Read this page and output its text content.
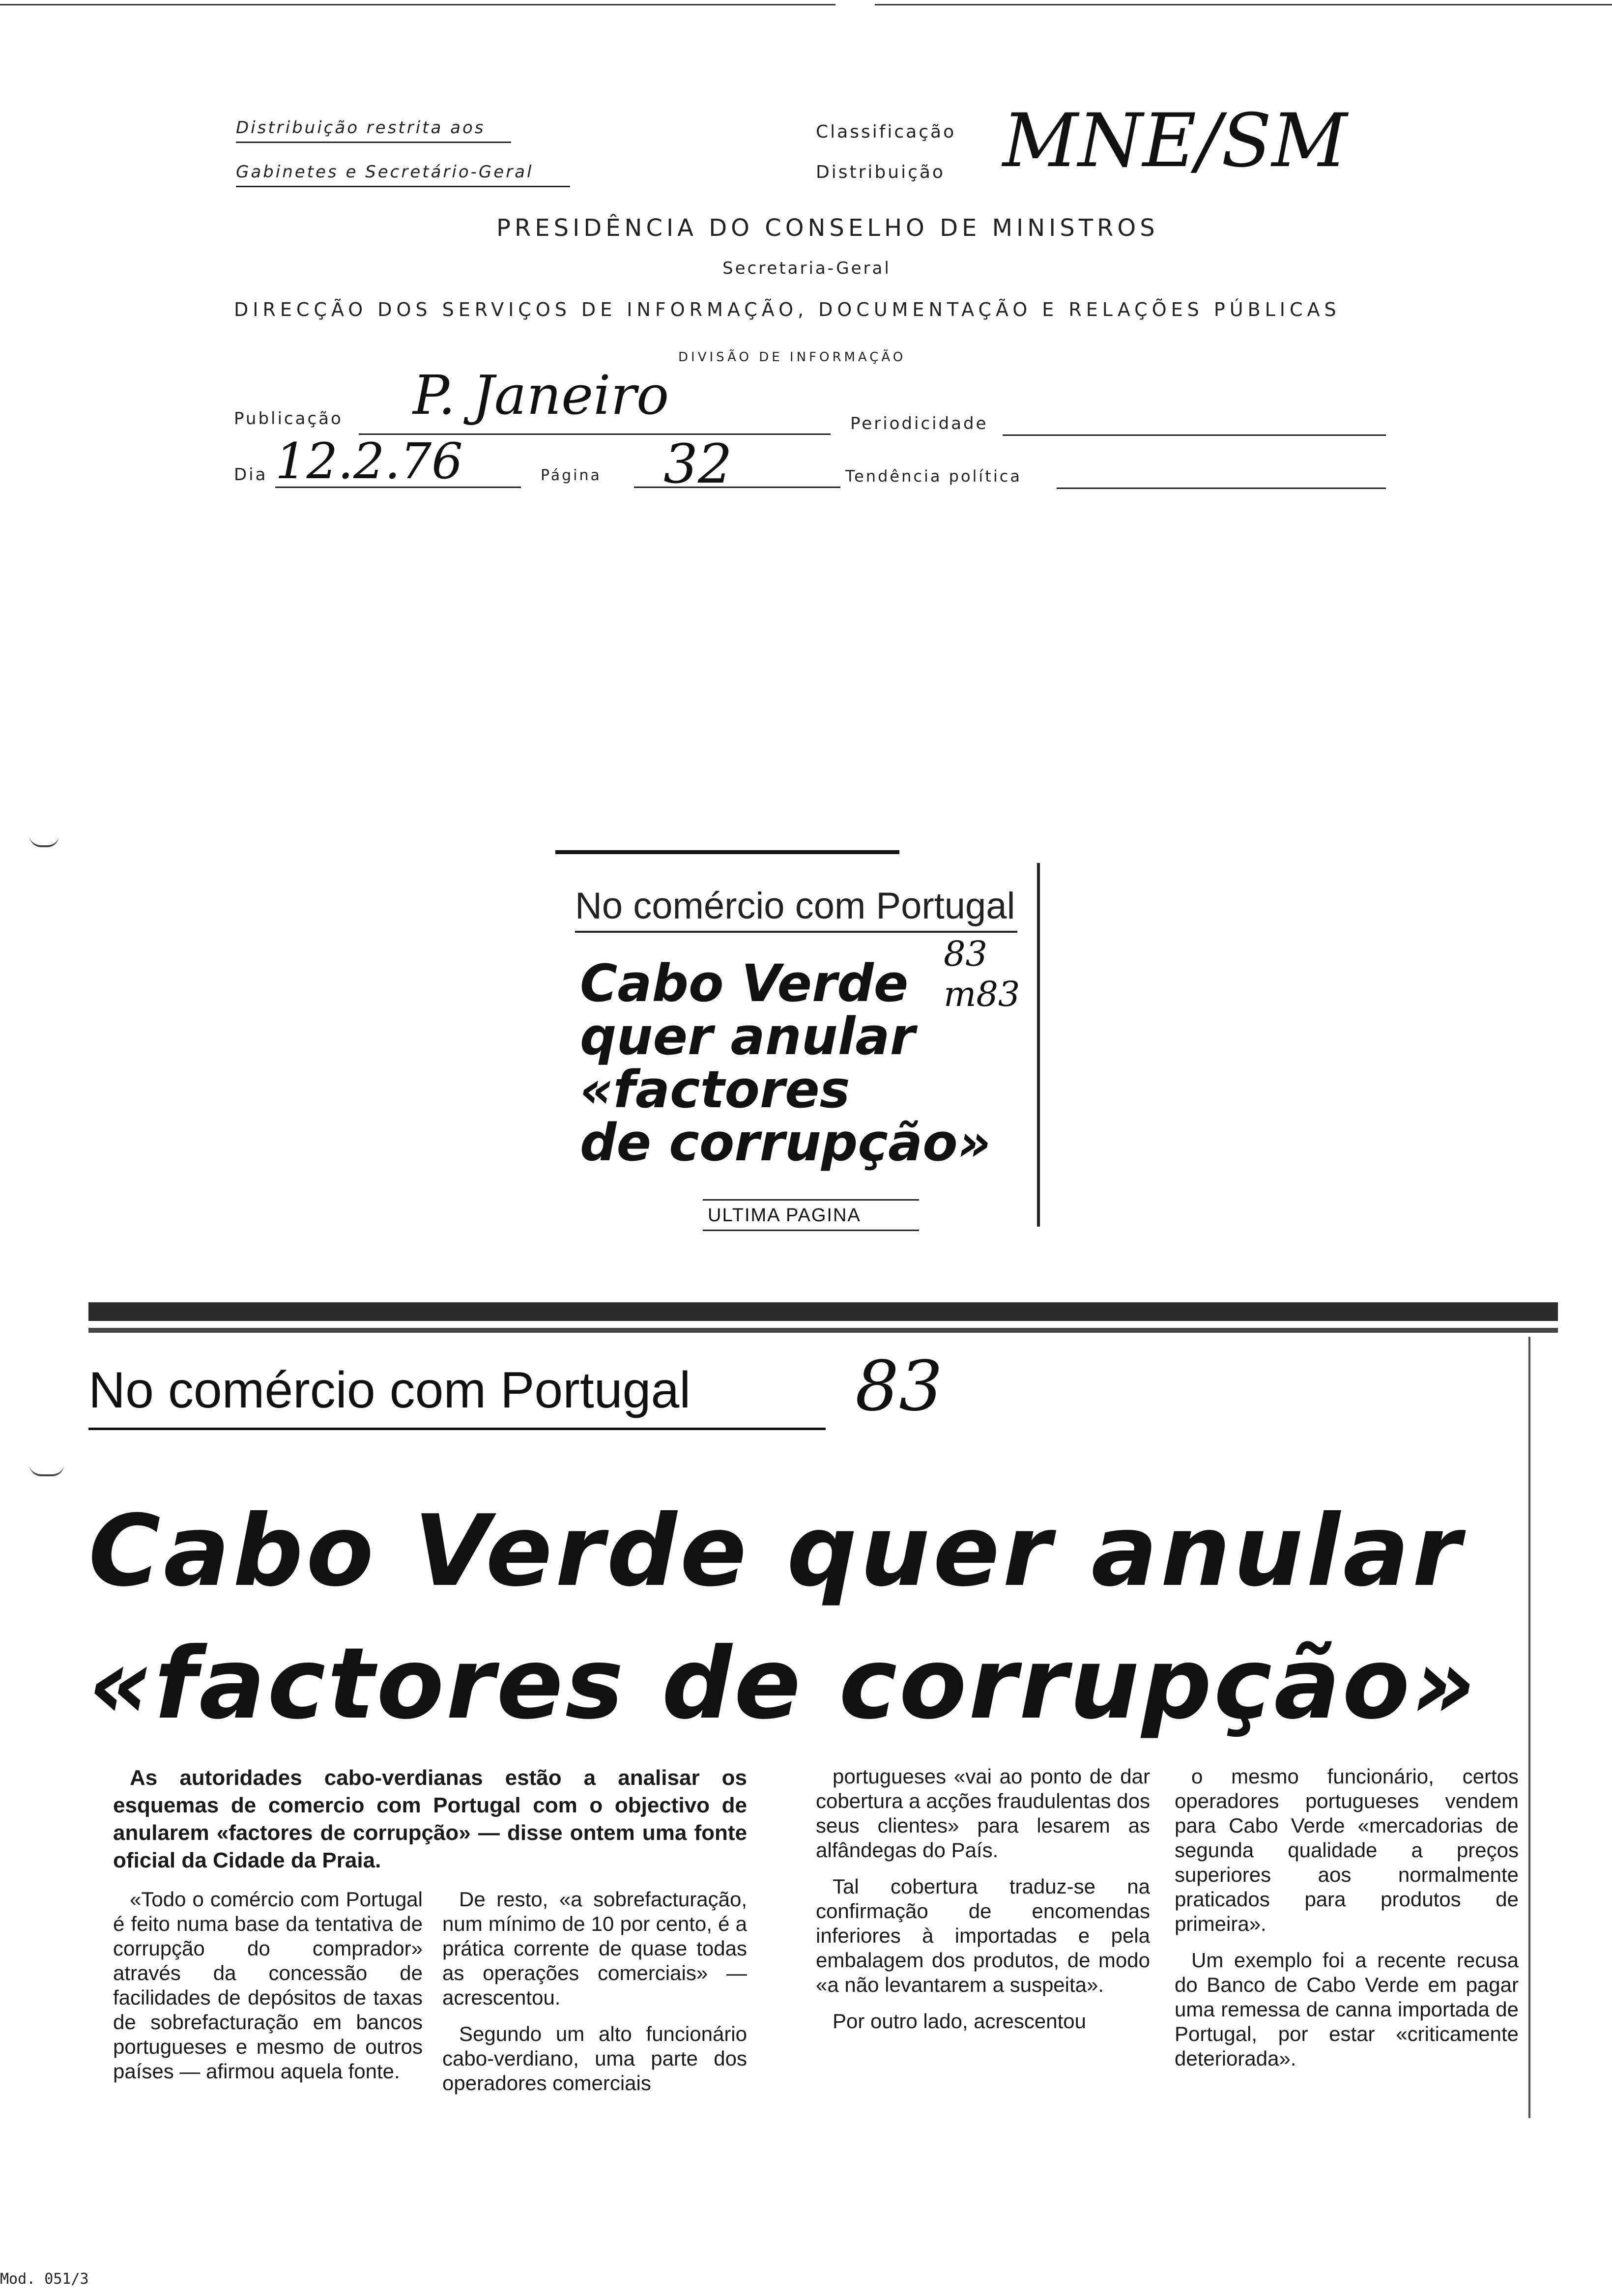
Distribuição restrita aos
Gabinetes e Secretário-Geral
Classificação
Distribuição MNE/SM
PRESIDÊNCIA DO CONSELHO DE MINISTROS
Secretaria-Geral
DIRECÇÃO DOS SERVIÇOS DE INFORMAÇÃO, DOCUMENTAÇÃO E RELAÇÕES PÚBLICAS
DIVISÃO DE INFORMAÇÃO
Publicação P. Janeiro	Periodicidade
Dia 12.2.76	Página 32	Tendência política
No comércio com Portugal
Cabo Verde
quer anular
«factores
de corrupção»
83 m83
ULTIMA PAGINA
No comércio com Portugal 83
Cabo Verde quer anular
«factores de corrupção»

As autoridades cabo-verdianas estão a analisar os esquemas de comercio com Portugal com o objectivo de anularem «factores de corrupção» — disse ontem uma fonte oficial da Cidade da Praia.

«Todo o comércio com Portugal é feito numa base da tentativa de corrupção do comprador» através da concessão de facilidades de depósitos de taxas de sobrefacturação em bancos portugueses e mesmo de outros países — afirmou aquela fonte.

De resto, «a sobrefacturação, num mínimo de 10 por cento, é a prática corrente de quase todas as operações comerciais» — acrescentou.

Segundo um alto funcionário cabo-verdiano, uma parte dos operadores comerciais

portugueses «vai ao ponto de dar cobertura a acções fraudulentas dos seus clientes» para lesarem as alfândegas do País.

Tal cobertura traduz-se na confirmação de encomendas inferiores à importadas e pela embalagem dos produtos, de modo «a não levantarem a suspeita».

Por outro lado, acrescentou

o mesmo funcionário, certos operadores portugueses vendem para Cabo Verde «mercadorias de segunda qualidade a preços superiores aos normalmente praticados para produtos de primeira».

Um exemplo foi a recente recusa do Banco de Cabo Verde em pagar uma remessa de canna importada de Portugal, por estar «criticamente deteriorada».

Mod. 051/3
